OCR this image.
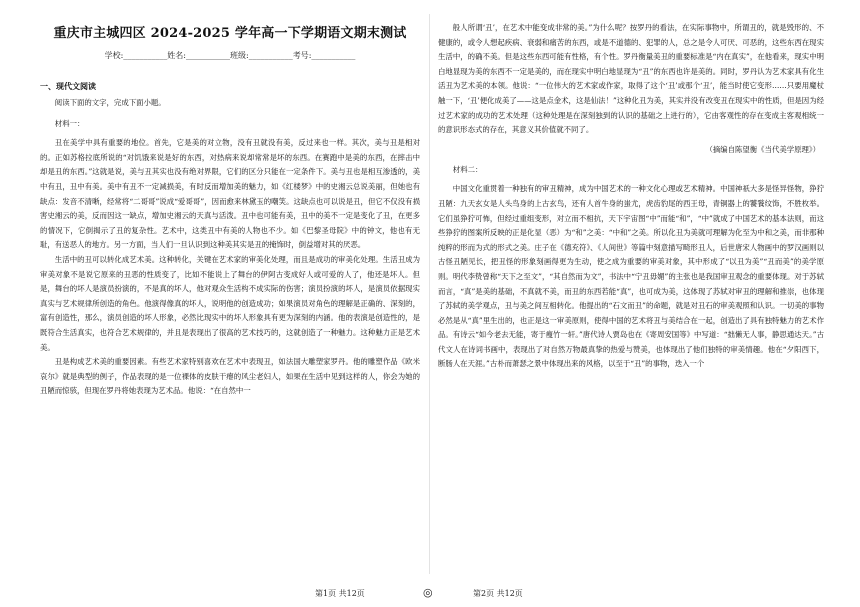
重庆市主城四区 2024-2025 学年高一下学期语文期末测试
学校:___________姓名:___________班级:___________考号:___________
一、现代文阅读

阅读下面的文字，完成下面小题。

材料一：

丑在美学中具有重要的地位。首先，它是美的对立物，没有丑就没有美，反过来也一样。其次，美与丑是相对的。正如苏格拉底所说的“对饥饿来说是好的东西，对热病来说却常常是坏的东西。在赛跑中是美的东西，在摔击中却是丑的东西。”这就是说，美与丑其实也没有绝对界限，它们的区分只能在一定条件下。美与丑也是相互渗透的，美中有丑，丑中有美。美中有丑不一定减损美，有时反而增加美的魅力，如《红楼梦》中的史湘云总说美丽，但她也有缺点：发音不清晰，经常将“二哥哥”说成“爱哥哥”，因而愈来林黛玉的嘲笑。这缺点也可以说是丑，但它不仅没有损害史湘云的美，反而因这一缺点，增加史湘云的天真与活泼。丑中也可能有美，丑中的美不一定是变化了丑，在更多的情况下，它倒揭示了丑的复杂性。艺术中，这类丑中有美的人物也不少。如《巴黎圣母院》中的钟文，他也有无耻，有送恶人的地方。另一方面，当人们一旦认识到这种美其实是丑的掩饰时，倒益增对其的厌恶。

生活中的丑可以转化成艺术美。这种转化，关键在艺术家的审美化处理，而且是成功的审美化处理。生活丑成为审美对象不是说它原来的丑恶的性质变了，比如不能说上了舞台的伊阿古变成好人或可爱的人了，他还是坏人。但是，舞台的坏人是演员扮演的，不是真的坏人，他对观众生活构不成实际的伤害；演员扮演的坏人，是演员依据现实真实与艺术规律所创造的角色。他演得像真的坏人，说明他的创造成功；如果演员对角色的理解是正确的、深刻的，富有创造性，那么，演员创造的坏人形象，必然比现实中的坏人形象具有更为深刻的内涵。他的表演是创造性的，是既符合生活真实，也符合艺术规律的，并且是表现出了很高的艺术技巧的，这就创造了一种魅力。这种魅力正是艺术美。

丑是构成艺术美的重要因素。有些艺术家特别喜欢在艺术中表现丑，如法国大雕塑家罗丹。他的雕塑作品《欧米哀尔》就是典型的例子，作品表现的是一位裸体的皮肤干瘪的风尘老妇人，如果在生活中见到这样的人，你会为她的丑陋而惊骇，但现在罗丹将她表现为艺术品。他说：“在自然中一

般人所谓‘丑’，在艺术中能变成非常的美。”为什么呢？按罗丹的看法，在实际事物中，所谓丑的，就是毁形的、不健康的，或令人想起疾病、衰弱和痛苦的东西，或是不道德的、犯罪的人，总之是令人可厌、可恶的，这些东西在现实生活中，的确不美。但是这些东西可能有性格，有个性。罗丹衡量美丑的重要标准是“内在真实”，在他看来，现实中明白地显现为美的东西不一定是美的，而在现实中明白地显现为“丑”的东西也许是美的。同时，罗丹认为艺术家具有化生活丑为艺术美的本领。他说：“一位伟大的艺术家或作家，取得了这个‘丑’或那个‘丑’，能当时使它变形……只要用魔杖触一下，‘丑’便化成美了——这是点金术，这是仙法！”这种化丑为美，其实并没有改变丑在现实中的性质，但是因为经过艺术家的成功的艺术处理（这种处理是在深刻独到的认识的基础之上进行的），它由客观性的存在变成主客观相统一的意识形态式的存在，其意义其价值就不同了。

（摘编自陈望衡《当代美学原理》）

材料二：

中国文化重贯着一种独有的审丑精神，成为中国艺术的一种文化心理或艺术精神。中国神祇大多是怪异怪物，狰狞丑陋：九天玄女是人头鸟身的上古玄鸟，还有人首牛身的蚩尤，虎齿豹尾的西王母，青铜器上的饕餮纹饰，不胜枚举。它们虽狰狞可怖，但经过重组变形，对立而不相抗，天下宇宙图“中”而能“和”，“中”就成了中国艺术的基本法则，而这些狰狞的图案所反映的正是化显（恶）为“和”之美：“中和”之美。所以化丑为美就可理解为化至为中和之美，而非那种纯粹的形而为式的形式之美。庄子在《德充符》、《人间世》等篇中刻意描写畸形丑人，后世唐宋人物画中的罗汉画则以古怪丑陋见长，把丑怪的形象刻画得更为生动，使之成为重要的审美对象，其中形成了“以丑为美”“丑而美”的美学原则。明代李贽曾称“天下之至文”，“其自然而为文”，书法中“宁丑毋媚”的主张也是我国审丑观念的重要体现。对于苏轼而言，“真”是美的基础，不真就不美，而丑的东西若能“真”，也可成为美，这体现了苏轼对审丑的理解和推崇，也体现了苏轼的美学观点，丑与美之间互相转化。他提出的“石文而丑”的命题，就是对丑石的审美观照和认识。一切美的事物必然是从“真”里生出的，也正是这一审美原则，使得中国的艺术将丑与美结合在一起，创造出了具有独特魅力的艺术作品。有诗云“如今老去无能，寄于瘦竹一轩。”唐代诗人贾岛也在《寄周安国等》中写道：“拙懒无人事，静思通达天。”古代文人在诗词书画中，表现出了对自然万物最真挚的热爱与赞美，也体现出了他们独特的审美情趣。他在“夕阳西下，断肠人在天涯。”古朴而萧瑟之景中体现出来的风格，以至于“丑”的事物，迭入一个

第1页 共12页	◎	第2页 共12页
